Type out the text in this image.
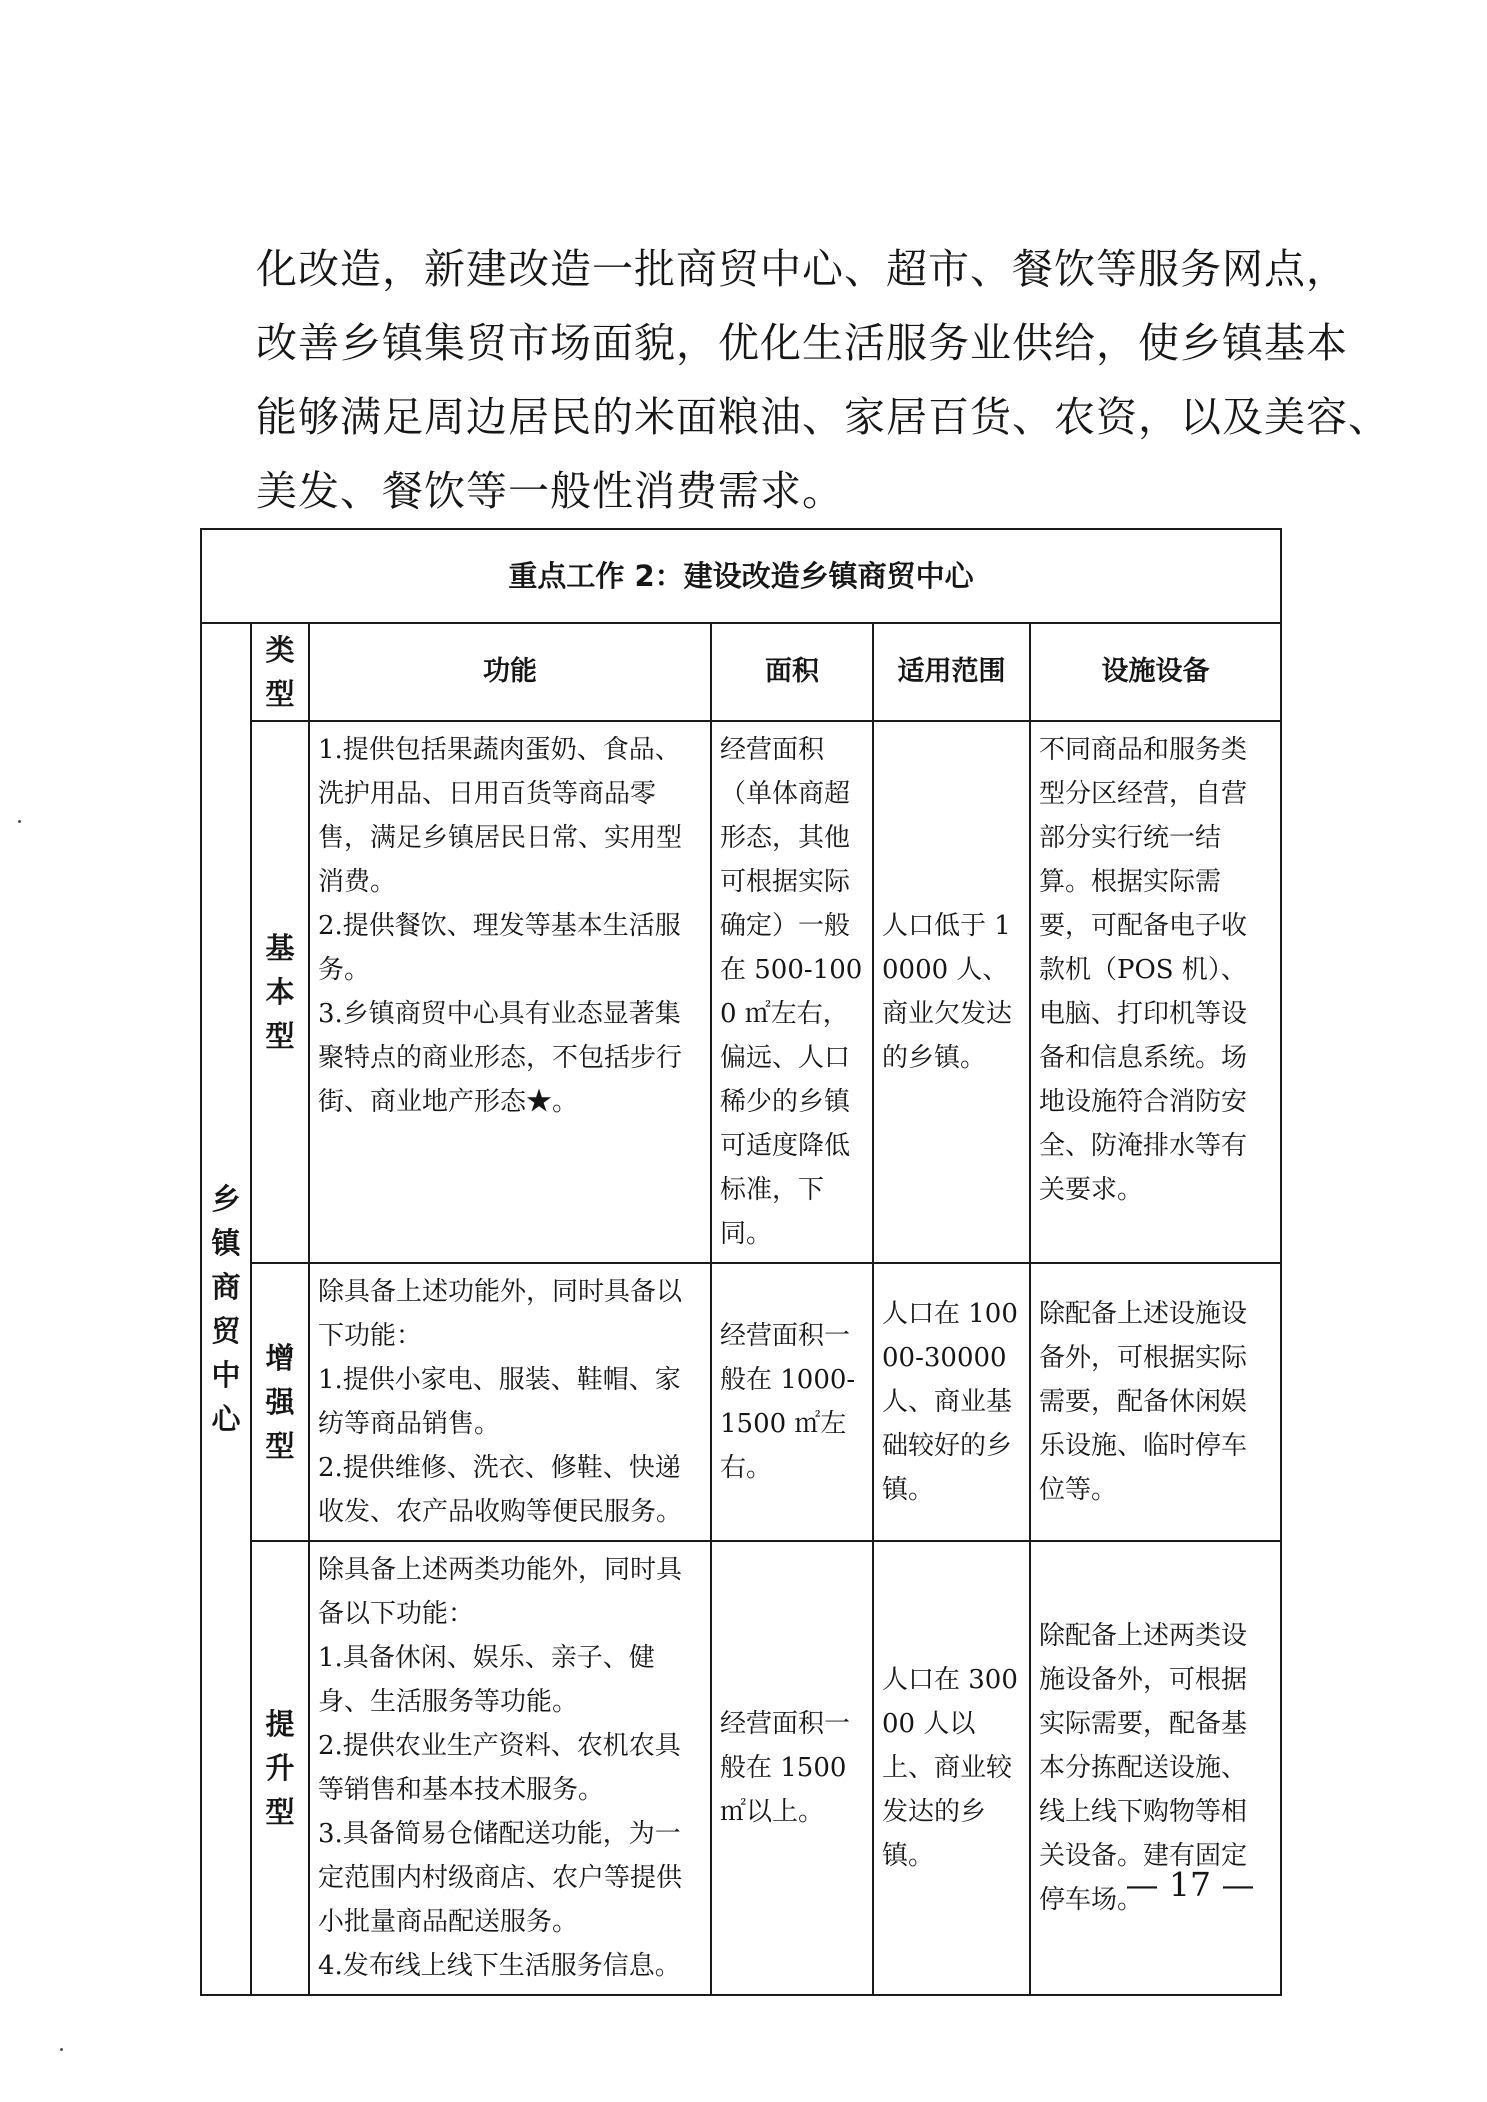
化改造，新建改造一批商贸中心、超市、餐饮等服务网点，
改善乡镇集贸市场面貌，优化生活服务业供给，使乡镇基本
能够满足周边居民的米面粮油、家居百货、农资，以及美容、
美发、餐饮等一般性消费需求。
重点工作 2：建设改造乡镇商贸中心					
乡镇商贸中心	类型	功能	面积	适用范围	设施设备
	基本型	1.提供包括果蔬肉蛋奶、食品、洗护用品、日用百货等商品零售，满足乡镇居民日常、实用型消费。
2.提供餐饮、理发等基本生活服务。
3.乡镇商贸中心具有业态显著集聚特点的商业形态，不包括步行街、商业地产形态★。	经营面积（单体商超形态，其他可根据实际确定）一般在 500-1000 ㎡左右，偏远、人口稀少的乡镇可适度降低标准，下同。	人口低于 10000 人、商业欠发达的乡镇。	不同商品和服务类型分区经营，自营部分实行统一结算。根据实际需要，可配备电子收款机（POS 机）、电脑、打印机等设备和信息系统。场地设施符合消防安全、防淹排水等有关要求。
	增强型	除具备上述功能外，同时具备以下功能：
1.提供小家电、服装、鞋帽、家纺等商品销售。
2.提供维修、洗衣、修鞋、快递收发、农产品收购等便民服务。	经营面积一般在 1000-1500 ㎡左右。	人口在 10000-30000 人、商业基础较好的乡镇。	除配备上述设施设备外，可根据实际需要，配备休闲娱乐设施、临时停车位等。
	提升型	除具备上述两类功能外，同时具备以下功能：
1.具备休闲、娱乐、亲子、健身、生活服务等功能。
2.提供农业生产资料、农机农具等销售和基本技术服务。
3.具备简易仓储配送功能，为一定范围内村级商店、农户等提供小批量商品配送服务。
4.发布线上线下生活服务信息。	经营面积一般在 1500 ㎡以上。	人口在 30000 人以上、商业较发达的乡镇。	除配备上述两类设施设备外，可根据实际需要，配备基本分拣配送设施、线上线下购物等相关设备。建有固定停车场。
— 17 —
